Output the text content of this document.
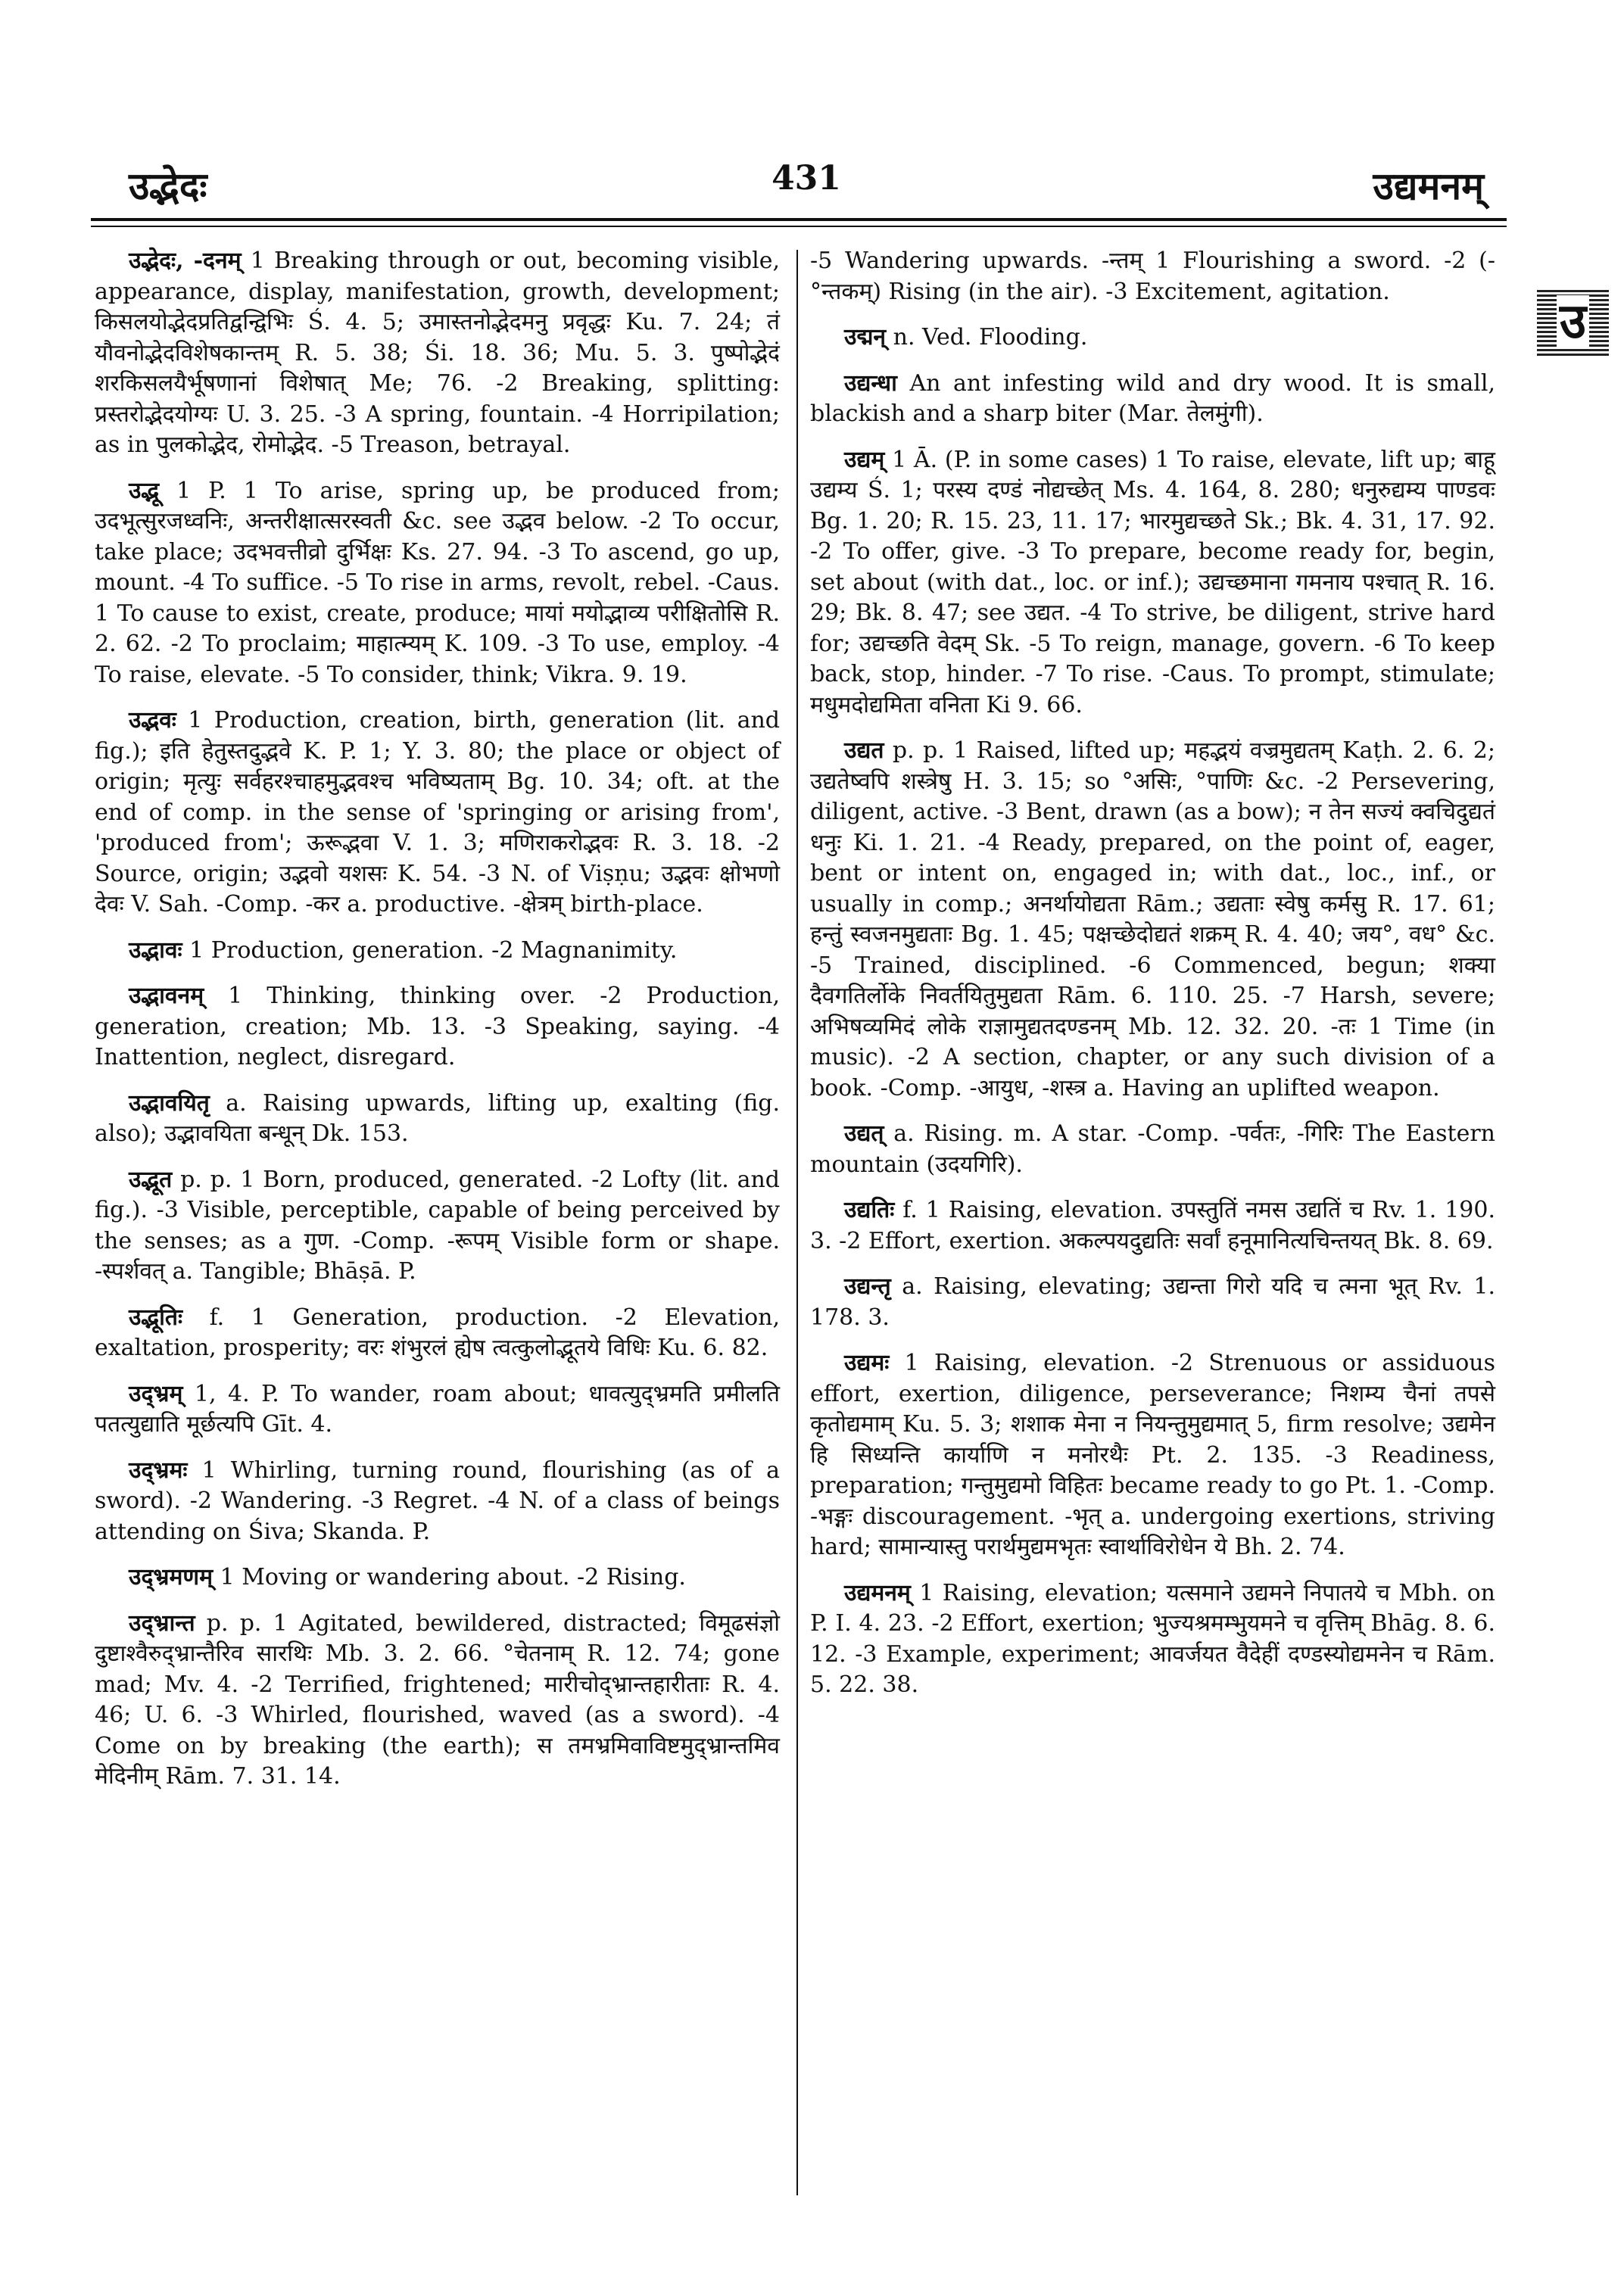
उद्भेदः	431	उद्यमनम्
उ

उद्भेदः, -दनम् 1 Breaking through or out, becoming visible, appearance, display, manifestation, growth, development; किसलयोद्भेदप्रतिद्वन्द्विभिः Ś. 4. 5; उमास्तनोद्भेदमनु प्रवृद्धः Ku. 7. 24; तं यौवनोद्भेदविशेषकान्तम् R. 5. 38; Śi. 18. 36; Mu. 5. 3. पुष्पोद्भेदं शरकिसलयैर्भूषणानां विशेषात् Me; 76. -2 Breaking, splitting: प्रस्तरोद्भेदयोग्यः U. 3. 25. -3 A spring, fountain. -4 Horripilation; as in पुलकोद्भेद, रोमोद्भेद. -5 Treason, betrayal.

उद्भू 1 P. 1 To arise, spring up, be produced from; उदभूत्सुरजध्वनिः, अन्तरीक्षात्सरस्वती &c. see उद्भव below. -2 To occur, take place; उदभवत्तीव्रो दुर्भिक्षः Ks. 27. 94. -3 To ascend, go up, mount. -4 To suffice. -5 To rise in arms, revolt, rebel. -Caus. 1 To cause to exist, create, produce; मायां मयोद्भाव्य परीक्षितोसि R. 2. 62. -2 To proclaim; माहात्म्यम् K. 109. -3 To use, employ. -4 To raise, elevate. -5 To consider, think; Vikra. 9. 19.

उद्भवः 1 Production, creation, birth, generation (lit. and fig.); इति हेतुस्तदुद्भवे K. P. 1; Y. 3. 80; the place or object of origin; मृत्युः सर्वहरश्चाहमुद्भवश्च भविष्यताम् Bg. 10. 34; oft. at the end of comp. in the sense of 'springing or arising from', 'produced from'; ऊरूद्भवा V. 1. 3; मणिराकरोद्भवः R. 3. 18. -2 Source, origin; उद्भवो यशसः K. 54. -3 N. of Viṣṇu; उद्भवः क्षोभणो देवः V. Sah. -Comp. -कर a. productive. -क्षेत्रम् birth-place.

उद्भावः 1 Production, generation. -2 Magnanimity.

उद्भावनम् 1 Thinking, thinking over. -2 Production, generation, creation; Mb. 13. -3 Speaking, saying. -4 Inattention, neglect, disregard.

उद्भावयितृ a. Raising upwards, lifting up, exalting (fig. also); उद्भावयिता बन्धून् Dk. 153.

उद्भूत p. p. 1 Born, produced, generated. -2 Lofty (lit. and fig.). -3 Visible, perceptible, capable of being perceived by the senses; as a गुण. -Comp. -रूपम् Visible form or shape. -स्पर्शवत् a. Tangible; Bhāṣā. P.

उद्भूतिः f. 1 Generation, production. -2 Elevation, exaltation, prosperity; वरः शंभुरलं ह्येष त्वत्कुलोद्भूतये विधिः Ku. 6. 82.

उद्भ्रम् 1, 4. P. To wander, roam about; धावत्युद्भ्रमति प्रमीलति पतत्युद्याति मूर्छत्यपि Gīt. 4.

उद्भ्रमः 1 Whirling, turning round, flourishing (as of a sword). -2 Wandering. -3 Regret. -4 N. of a class of beings attending on Śiva; Skanda. P.

उद्भ्रमणम् 1 Moving or wandering about. -2 Rising.

उद्भ्रान्त p. p. 1 Agitated, bewildered, distracted; विमूढसंज्ञो दुष्टाश्वैरुद्भ्रान्तैरिव सारथिः Mb. 3. 2. 66. °चेतनाम् R. 12. 74; gone mad; Mv. 4. -2 Terrified, frightened; मारीचोद्भ्रान्तहारीताः R. 4. 46; U. 6. -3 Whirled, flourished, waved (as a sword). -4 Come on by breaking (the earth); स तमभ्रमिवाविष्टमुद्भ्रान्तमिव मेदिनीम् Rām. 7. 31. 14.

-5 Wandering upwards. -न्तम् 1 Flourishing a sword. -2 (-°न्तकम्) Rising (in the air). -3 Excitement, agitation.

उद्मन् n. Ved. Flooding.

उद्यन्धा An ant infesting wild and dry wood. It is small, blackish and a sharp biter (Mar. तेलमुंगी).

उद्यम् 1 Ā. (P. in some cases) 1 To raise, elevate, lift up; बाहू उद्यम्य Ś. 1; परस्य दण्डं नोद्यच्छेत् Ms. 4. 164, 8. 280; धनुरुद्यम्य पाण्डवः Bg. 1. 20; R. 15. 23, 11. 17; भारमुद्यच्छते Sk.; Bk. 4. 31, 17. 92. -2 To offer, give. -3 To prepare, become ready for, begin, set about (with dat., loc. or inf.); उद्यच्छमाना गमनाय पश्चात् R. 16. 29; Bk. 8. 47; see उद्यत. -4 To strive, be diligent, strive hard for; उद्यच्छति वेदम् Sk. -5 To reign, manage, govern. -6 To keep back, stop, hinder. -7 To rise. -Caus. To prompt, stimulate; मधुमदोद्यमिता वनिता Ki 9. 66.

उद्यत p. p. 1 Raised, lifted up; महद्भयं वज्रमुद्यतम् Kaṭh. 2. 6. 2; उद्यतेष्वपि शस्त्रेषु H. 3. 15; so °असिः, °पाणिः &c. -2 Persevering, diligent, active. -3 Bent, drawn (as a bow); न तेन सज्यं क्वचिदुद्यतं धनुः Ki. 1. 21. -4 Ready, prepared, on the point of, eager, bent or intent on, engaged in; with dat., loc., inf., or usually in comp.; अनर्थायोद्यता Rām.; उद्यताः स्वेषु कर्मसु R. 17. 61; हन्तुं स्वजनमुद्यताः Bg. 1. 45; पक्षच्छेदोद्यतं शक्रम् R. 4. 40; जय°, वध° &c. -5 Trained, disciplined. -6 Commenced, begun; शक्या दैवगतिर्लोके निवर्तयितुमुद्यता Rām. 6. 110. 25. -7 Harsh, severe; अभिषव्यमिदं लोके राज्ञामुद्यतदण्डनम् Mb. 12. 32. 20. -तः 1 Time (in music). -2 A section, chapter, or any such division of a book. -Comp. -आयुध, -शस्त्र a. Having an uplifted weapon.

उद्यत् a. Rising. m. A star. -Comp. -पर्वतः, -गिरिः The Eastern mountain (उदयगिरि).

उद्यतिः f. 1 Raising, elevation. उपस्तुतिं नमस उद्यतिं च Rv. 1. 190. 3. -2 Effort, exertion. अकल्पयदुद्यतिः सर्वां हनूमानित्यचिन्तयत् Bk. 8. 69.

उद्यन्तृ a. Raising, elevating; उद्यन्ता गिरो यदि च त्मना भूत् Rv. 1. 178. 3.

उद्यमः 1 Raising, elevation. -2 Strenuous or assiduous effort, exertion, diligence, perseverance; निशम्य चैनां तपसे कृतोद्यमाम् Ku. 5. 3; शशाक मेना न नियन्तुमुद्यमात् 5, firm resolve; उद्यमेन हि सिध्यन्ति कार्याणि न मनोरथैः Pt. 2. 135. -3 Readiness, preparation; गन्तुमुद्यमो विहितः became ready to go Pt. 1. -Comp. -भङ्गः discouragement. -भृत् a. undergoing exertions, striving hard; सामान्यास्तु परार्थमुद्यमभृतः स्वार्थाविरोधेन ये Bh. 2. 74.

उद्यमनम् 1 Raising, elevation; यत्समाने उद्यमने निपातये च Mbh. on P. I. 4. 23. -2 Effort, exertion; भुज्यश्रमम्भुयमने च वृत्तिम् Bhāg. 8. 6. 12. -3 Example, experiment; आवर्जयत वैदेहीं दण्डस्योद्यमनेन च Rām. 5. 22. 38.
